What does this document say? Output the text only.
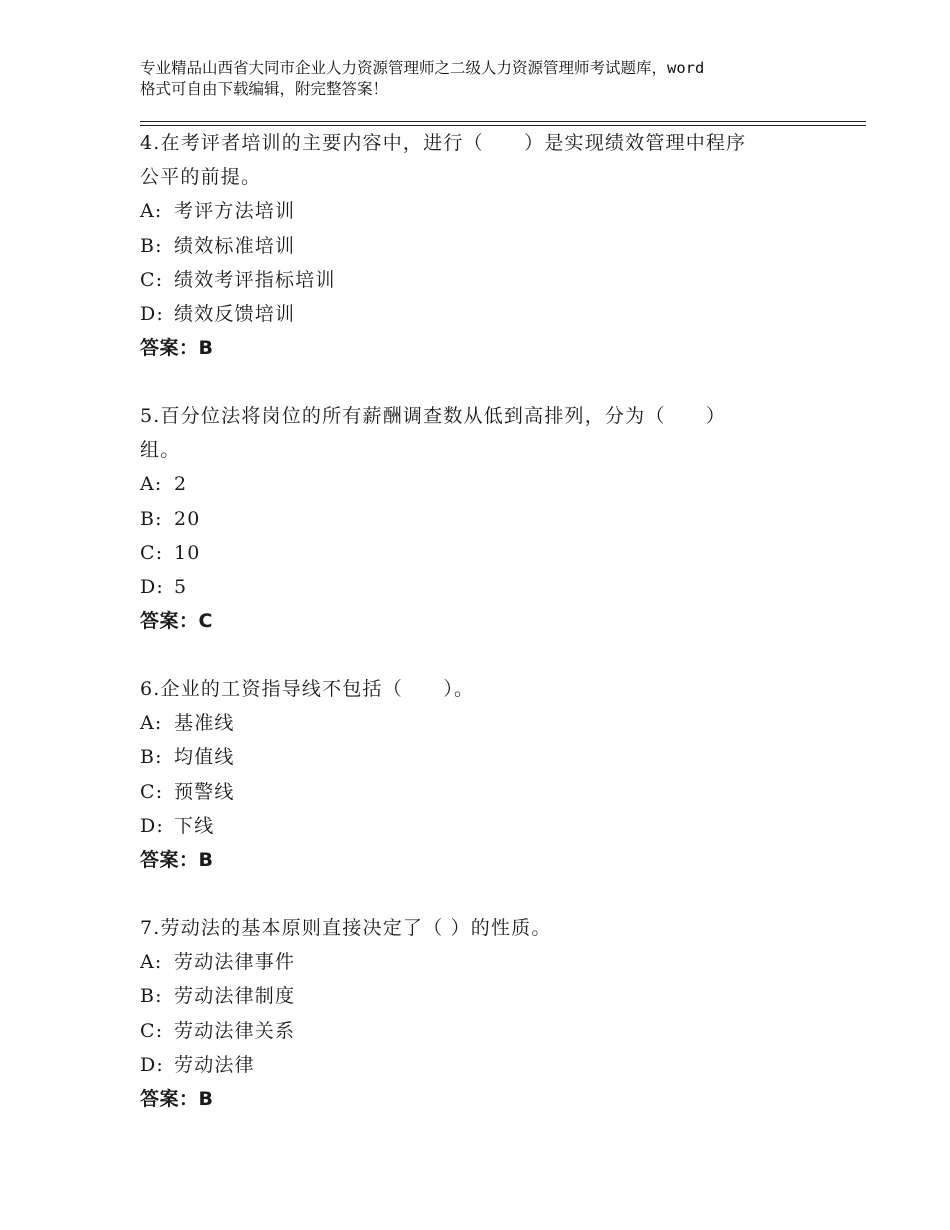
专业精品山西省大同市企业人力资源管理师之二级人力资源管理师考试题库，word
格式可自由下载编辑，附完整答案！
4.在考评者培训的主要内容中，进行（　　）是实现绩效管理中程序
公平的前提。
A: 考评方法培训
B: 绩效标准培训
C: 绩效考评指标培训
D: 绩效反馈培训
答案：B
5.百分位法将岗位的所有薪酬调查数从低到高排列，分为（　　）
组。
A: 2
B: 20
C: 10
D: 5
答案：C
6.企业的工资指导线不包括（　　）。
A: 基准线
B: 均值线
C: 预警线
D: 下线
答案：B
7.劳动法的基本原则直接决定了（ ）的性质。
A: 劳动法律事件
B: 劳动法律制度
C: 劳动法律关系
D: 劳动法律
答案：B
